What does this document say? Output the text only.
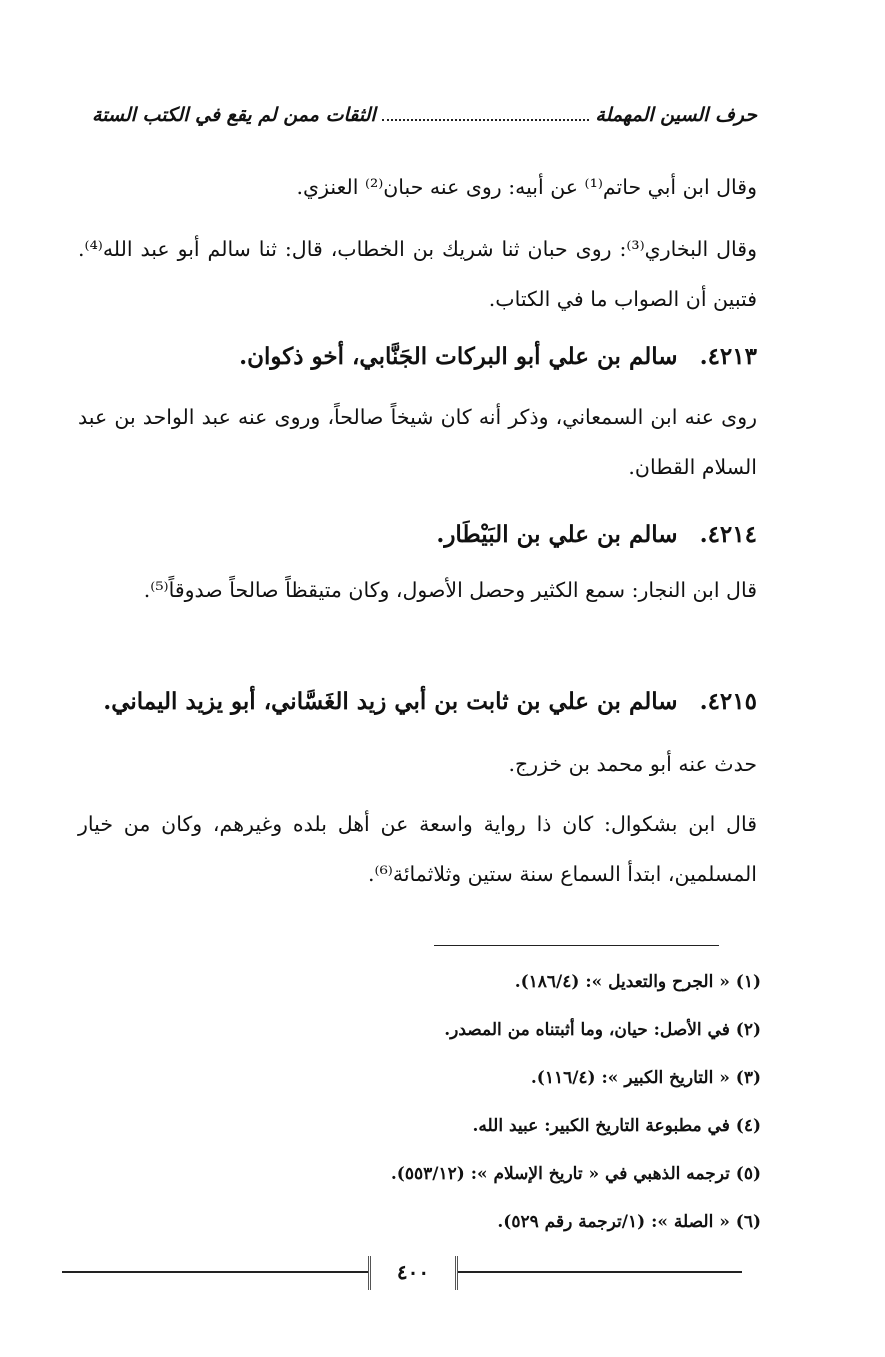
حرف السين المهملة
الثقات ممن لم يقع في الكتب الستة
وقال ابن أبي حاتم⁽¹⁾ عن أبيه: روى عنه حبان⁽²⁾ العنزي.
وقال البخاري⁽³⁾: روى حبان ثنا شريك بن الخطاب، قال: ثنا سالم أبو عبد الله⁽⁴⁾. فتبين أن الصواب ما في الكتاب.
٤٢١٣. سالم بن علي أبو البركات الجَنَّابي، أخو ذكوان.
روى عنه ابن السمعاني، وذكر أنه كان شيخاً صالحاً، وروى عنه عبد الواحد بن عبد السلام القطان.
٤٢١٤. سالم بن علي بن البَيْطَار.
قال ابن النجار: سمع الكثير وحصل الأصول، وكان متيقظاً صالحاً صدوقاً⁽⁵⁾.
٤٢١٥. سالم بن علي بن ثابت بن أبي زيد الغَسَّاني، أبو يزيد اليماني.
حدث عنه أبو محمد بن خزرج.
قال ابن بشكوال: كان ذا رواية واسعة عن أهل بلده وغيرهم، وكان من خيار المسلمين، ابتدأ السماع سنة ستين وثلاثمائة⁽⁶⁾.
(١) « الجرح والتعديل »: (١٨٦/٤).
(٢) في الأصل: حيان، وما أثبتناه من المصدر.
(٣) « التاريخ الكبير »: (١١٦/٤).
(٤) في مطبوعة التاريخ الكبير: عبيد الله.
(٥) ترجمه الذهبي في « تاريخ الإسلام »: (٥٥٣/١٢).
(٦) « الصلة »: (١/ترجمة رقم ٥٢٩).
٤٠٠
